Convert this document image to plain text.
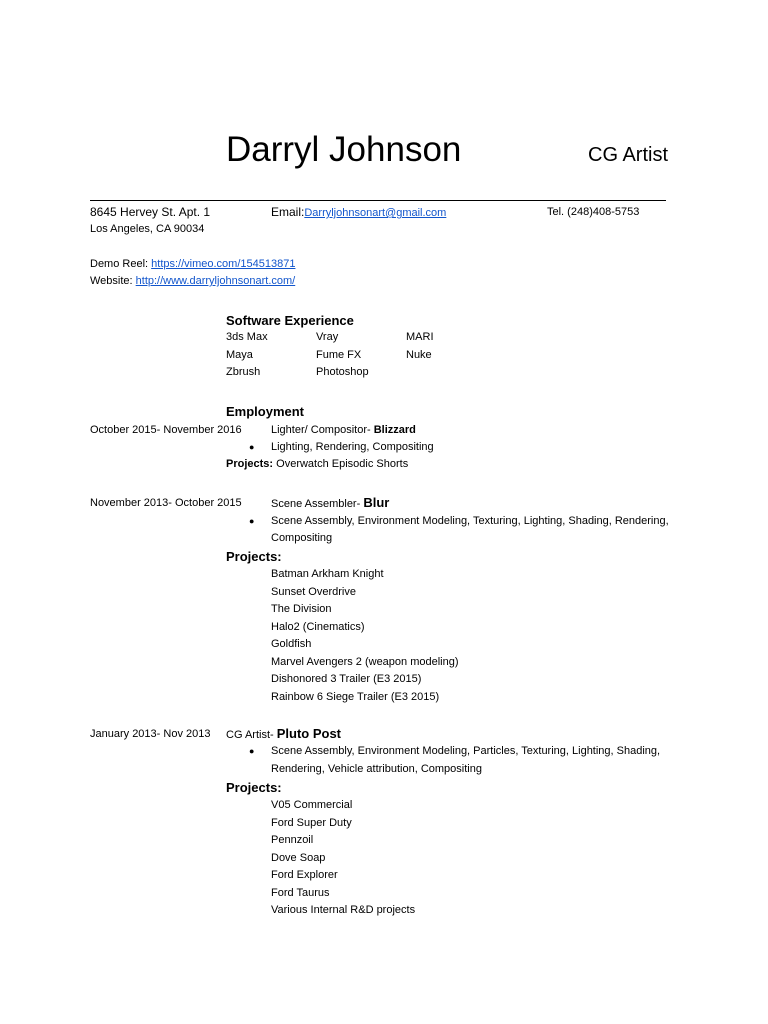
Darryl Johnson	CG Artist
8645 Hervey St. Apt. 1	Email:Darryljohnsonart@gmail.com	Tel. (248)408-5753
Los Angeles, CA 90034
Demo Reel: https://vimeo.com/154513871
Website: http://www.darryljohnsonart.com/
Software Experience
3ds Max	Vray	MARI
Maya	Fume FX	Nuke
Zbrush	Photoshop
Employment
October 2015- November 2016	Lighter/ Compositor- Blizzard
● Lighting, Rendering, Compositing
Projects: Overwatch Episodic Shorts
November 2013- October 2015	Scene Assembler- Blur
● Scene Assembly, Environment Modeling, Texturing, Lighting, Shading, Rendering,
Compositing
Projects:
Batman Arkham Knight
Sunset Overdrive
The Division
Halo2 (Cinematics)
Goldfish
Marvel Avengers 2 (weapon modeling)
Dishonored 3 Trailer (E3 2015)
Rainbow 6 Siege Trailer (E3 2015)
January 2013- Nov 2013 CG Artist- Pluto Post
● Scene Assembly, Environment Modeling, Particles, Texturing, Lighting, Shading,
Rendering, Vehicle attribution, Compositing
Projects:
V05 Commercial
Ford Super Duty
Pennzoil
Dove Soap
Ford Explorer
Ford Taurus
Various Internal R&D projects
